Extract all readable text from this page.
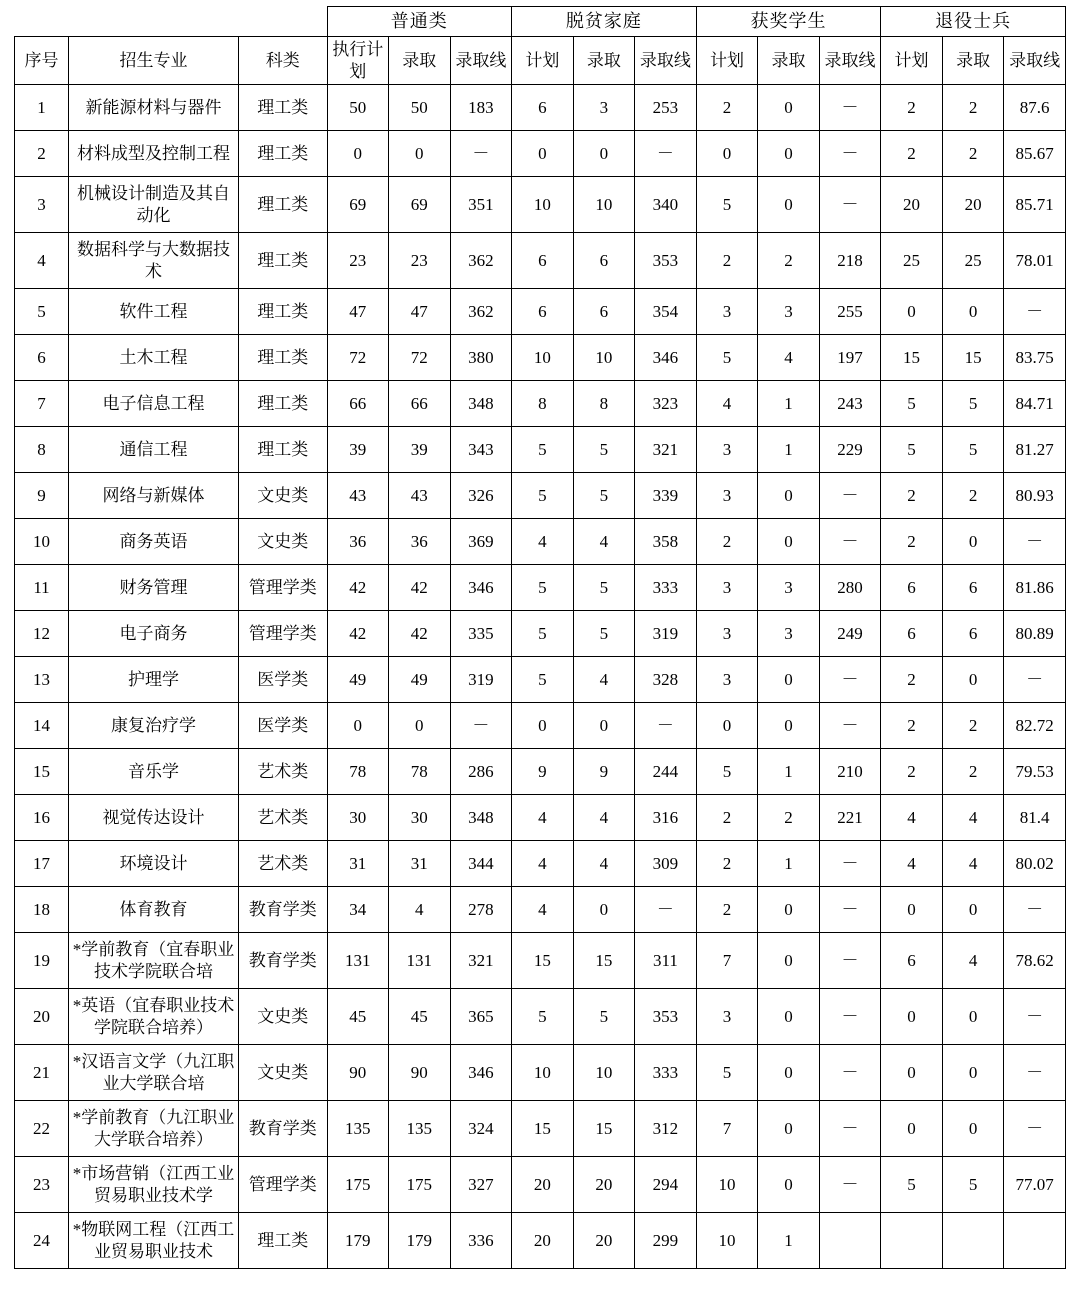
			普通类			脱贫家庭			获奖学生			退役士兵		
序号	招生专业	科类	执行计划	录取	录取线	计划	录取	录取线	计划	录取	录取线	计划	录取	录取线
1	新能源材料与器件	理工类	50	50	183	6	3	253	2	0	－	2	2	87.6
2	材料成型及控制工程	理工类	0	0	－	0	0	－	0	0	－	2	2	85.67
3	机械设计制造及其自动化	理工类	69	69	351	10	10	340	5	0	－	20	20	85.71
4	数据科学与大数据技术	理工类	23	23	362	6	6	353	2	2	218	25	25	78.01
5	软件工程	理工类	47	47	362	6	6	354	3	3	255	0	0	－
6	土木工程	理工类	72	72	380	10	10	346	5	4	197	15	15	83.75
7	电子信息工程	理工类	66	66	348	8	8	323	4	1	243	5	5	84.71
8	通信工程	理工类	39	39	343	5	5	321	3	1	229	5	5	81.27
9	网络与新媒体	文史类	43	43	326	5	5	339	3	0	－	2	2	80.93
10	商务英语	文史类	36	36	369	4	4	358	2	0	－	2	0	－
11	财务管理	管理学类	42	42	346	5	5	333	3	3	280	6	6	81.86
12	电子商务	管理学类	42	42	335	5	5	319	3	3	249	6	6	80.89
13	护理学	医学类	49	49	319	5	4	328	3	0	－	2	0	－
14	康复治疗学	医学类	0	0	－	0	0	－	0	0	－	2	2	82.72
15	音乐学	艺术类	78	78	286	9	9	244	5	1	210	2	2	79.53
16	视觉传达设计	艺术类	30	30	348	4	4	316	2	2	221	4	4	81.4
17	环境设计	艺术类	31	31	344	4	4	309	2	1	－	4	4	80.02
18	体育教育	教育学类	34	4	278	4	0	－	2	0	－	0	0	－
19	*学前教育（宜春职业技术学院联合培	教育学类	131	131	321	15	15	311	7	0	－	6	4	78.62
20	*英语（宜春职业技术学院联合培养）	文史类	45	45	365	5	5	353	3	0	－	0	0	－
21	*汉语言文学（九江职业大学联合培	文史类	90	90	346	10	10	333	5	0	－	0	0	－
22	*学前教育（九江职业大学联合培养）	教育学类	135	135	324	15	15	312	7	0	－	0	0	－
23	*市场营销（江西工业贸易职业技术学	管理学类	175	175	327	20	20	294	10	0	－	5	5	77.07
24	*物联网工程（江西工业贸易职业技术	理工类	179	179	336	20	20	299	10	1				
